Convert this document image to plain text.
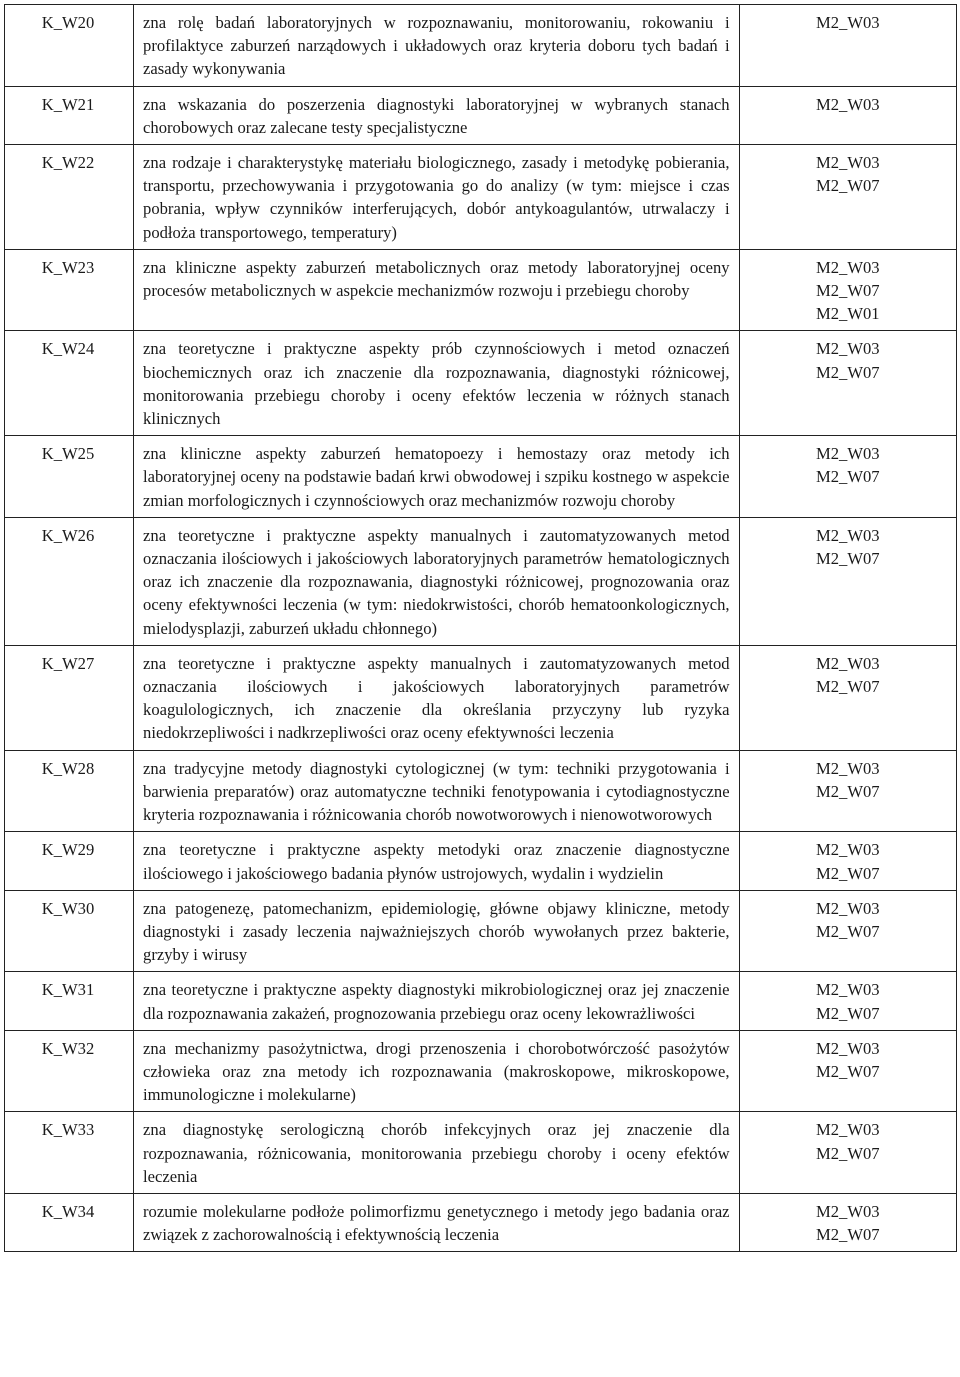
K_W20	zna rolę badań laboratoryjnych w rozpoznawaniu, monitorowaniu, rokowaniu i profilaktyce zaburzeń narządowych i układowych oraz kryteria doboru tych badań i zasady wykonywania	M2_W03

K_W21	zna wskazania do poszerzenia diagnostyki laboratoryjnej w wybranych stanach chorobowych oraz zalecane testy specjalistyczne	M2_W03

K_W22	zna rodzaje i charakterystykę materiału biologicznego, zasady i metodykę pobierania, transportu, przechowywania i przygotowania go do analizy (w tym: miejsce i czas pobrania, wpływ czynników interferujących, dobór antykoagulantów, utrwalaczy i podłoża transportowego, temperatury)	M2_W03
M2_W07

K_W23	zna kliniczne aspekty zaburzeń metabolicznych oraz metody laboratoryjnej oceny procesów metabolicznych w aspekcie mechanizmów rozwoju i przebiegu choroby	M2_W03
M2_W07
M2_W01

K_W24	zna teoretyczne i praktyczne aspekty prób czynnościowych i metod oznaczeń biochemicznych oraz ich znaczenie dla rozpoznawania, diagnostyki różnicowej, monitorowania przebiegu choroby i oceny efektów leczenia w różnych stanach klinicznych	M2_W03
M2_W07

K_W25	zna kliniczne aspekty zaburzeń hematopoezy i hemostazy oraz metody ich laboratoryjnej oceny na podstawie badań krwi obwodowej i szpiku kostnego w aspekcie zmian morfologicznych i czynnościowych oraz mechanizmów rozwoju choroby	M2_W03
M2_W07

K_W26	zna teoretyczne i praktyczne aspekty manualnych i zautomatyzowanych metod oznaczania ilościowych i jakościowych laboratoryjnych parametrów hematologicznych oraz ich znaczenie dla rozpoznawania, diagnostyki różnicowej, prognozowania oraz oceny efektywności leczenia (w tym: niedokrwistości, chorób hematoonkologicznych, mielodysplazji, zaburzeń układu chłonnego)	M2_W03
M2_W07

K_W27	zna teoretyczne i praktyczne aspekty manualnych i zautomatyzowanych metod oznaczania ilościowych i jakościowych laboratoryjnych parametrów koagulologicznych, ich znaczenie dla określania przyczyny lub ryzyka niedokrzepliwości i nadkrzepliwości oraz oceny efektywności leczenia	M2_W03
M2_W07

K_W28	zna tradycyjne metody diagnostyki cytologicznej (w tym: techniki przygotowania i barwienia preparatów) oraz automatyczne techniki fenotypowania i cytodiagnostyczne kryteria rozpoznawania i różnicowania chorób nowotworowych i nienowotworowych	M2_W03
M2_W07

K_W29	zna teoretyczne i praktyczne aspekty metodyki oraz znaczenie diagnostyczne ilościowego i jakościowego badania płynów ustrojowych, wydalin i wydzielin	M2_W03
M2_W07

K_W30	zna patogenezę, patomechanizm, epidemiologię, główne objawy kliniczne, metody diagnostyki i zasady leczenia najważniejszych chorób wywołanych przez bakterie, grzyby i wirusy	M2_W03
M2_W07

K_W31	zna teoretyczne i praktyczne aspekty diagnostyki mikrobiologicznej oraz jej znaczenie dla rozpoznawania zakażeń, prognozowania przebiegu oraz oceny lekowrażliwości	M2_W03
M2_W07

K_W32	zna mechanizmy pasożytnictwa, drogi przenoszenia i chorobotwórczość pasożytów człowieka oraz zna metody ich rozpoznawania (makroskopowe, mikroskopowe, immunologiczne i molekularne)	M2_W03
M2_W07

K_W33	zna diagnostykę serologiczną chorób infekcyjnych oraz jej znaczenie dla rozpoznawania, różnicowania, monitorowania przebiegu choroby i oceny efektów leczenia	M2_W03
M2_W07

K_W34	rozumie molekularne podłoże polimorfizmu genetycznego i metody jego badania oraz związek z zachorowalnością i efektywnością leczenia	M2_W03
M2_W07
